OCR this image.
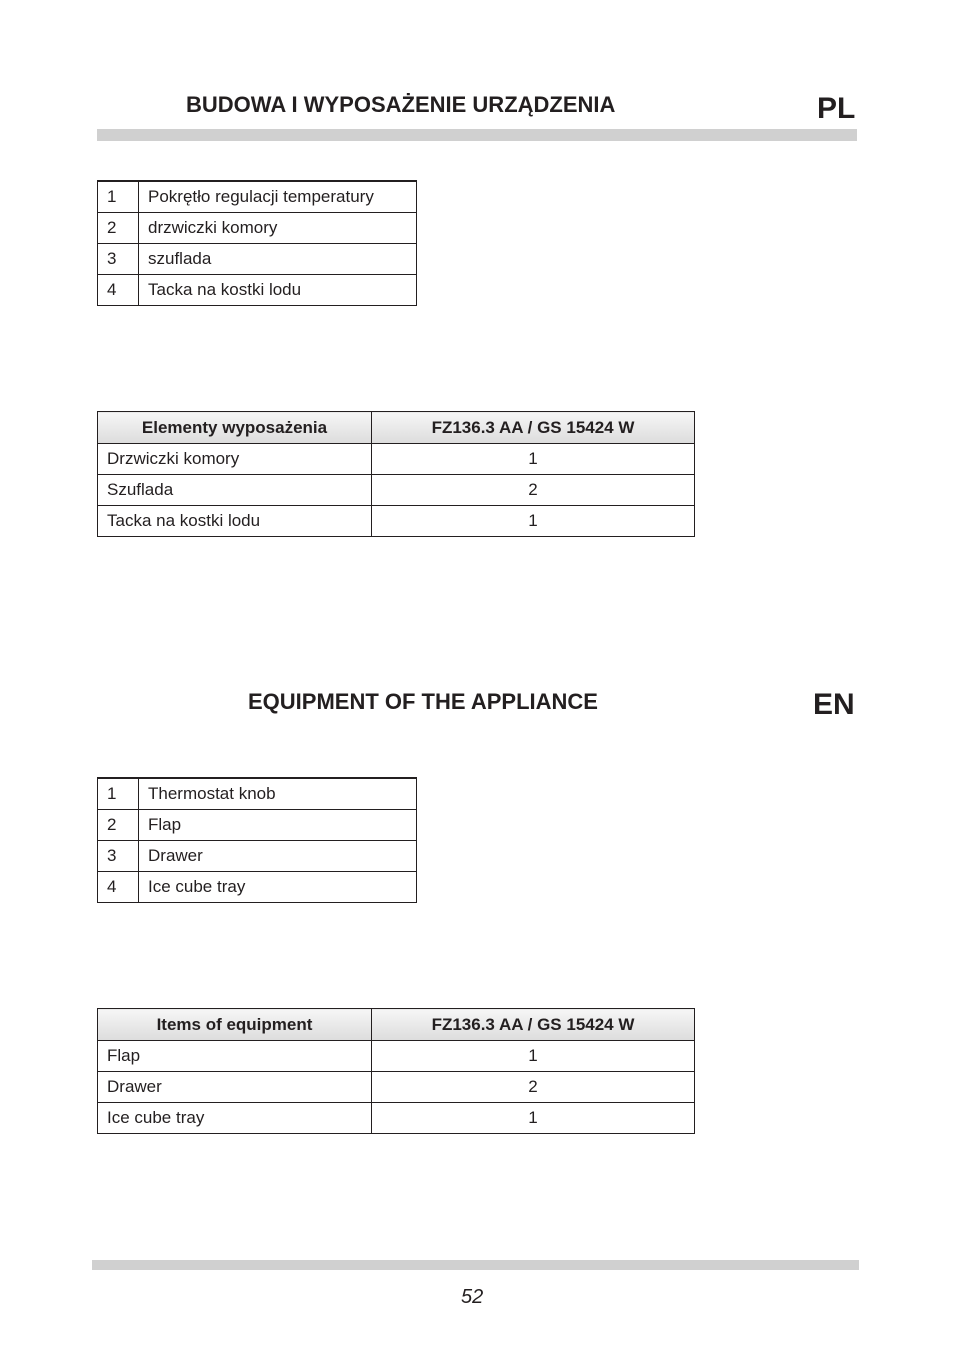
BUDOWA I WYPOSAŻENIE URZĄDZENIA	PL
1	Pokrętło regulacji temperatury
2	drzwiczki komory
3	szuflada
4	Tacka na kostki lodu
Elementy wyposażenia	FZ136.3 AA / GS 15424 W
Drzwiczki komory	1
Szuflada	2
Tacka na kostki lodu	1
EQUIPMENT OF THE APPLIANCE	EN
1	Thermostat knob
2	Flap
3	Drawer
4	Ice cube tray
Items of equipment	FZ136.3 AA / GS 15424 W
Flap	1
Drawer	2
Ice cube tray	1
52
